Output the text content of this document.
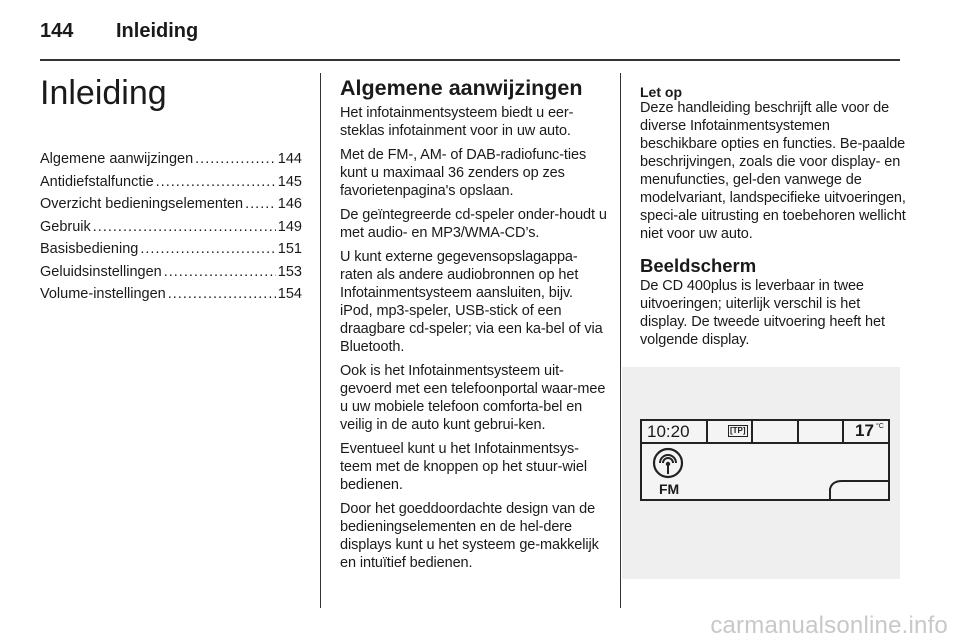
144 Inleiding
Inleiding
Algemene aanwijzingen .....	144
Antidiefstalfunctie .....	145
Overzicht bedieningselementen ..... 146
Gebruik .....	149
Basisbediening .....	151
Geluidsinstellingen .....	153
Volume-instellingen .....	154
Algemene aanwijzingen

Het infotainmentsysteem biedt u eer-steklas infotainment voor in uw auto.

Met de FM-, AM- of DAB-radiofunc-ties kunt u maximaal 36 zenders op zes favorietenpagina's opslaan.

De geïntegreerde cd-speler onder-houdt u met audio- en MP3/WMA-CD’s.

U kunt externe gegevensopslagappa-raten als andere audiobronnen op het Infotainmentsysteem aansluiten, bijv. iPod, mp3-speler, USB-stick of een draagbare cd-speler; via een ka-bel of via Bluetooth.

Ook is het Infotainmentsysteem uit-gevoerd met een telefoonportal waar-mee u uw mobiele telefoon comforta-bel en veilig in de auto kunt gebrui-ken.

Eventueel kunt u het Infotainmentsys-teem met de knoppen op het stuur-wiel bedienen.

Door het goeddoordachte design van de bedieningselementen en de hel-dere displays kunt u het systeem ge-makkelijk en intuïtief bedienen.

Let op

Deze handleiding beschrijft alle voor de diverse Infotainmentsystemen beschikbare opties en functies. Be-paalde beschrijvingen, zoals die voor display- en menufuncties, gel-den vanwege de modelvariant, landspecifieke uitvoeringen, speci-ale uitrusting en toebehoren wellicht niet voor uw auto.

Beeldscherm

De CD 400plus is leverbaar in twee uitvoeringen; uiterlijk verschil is het display. De tweede uitvoering heeft het volgende display.

10:20	[TP]	17 °C
FM
carmanualsonline.info
